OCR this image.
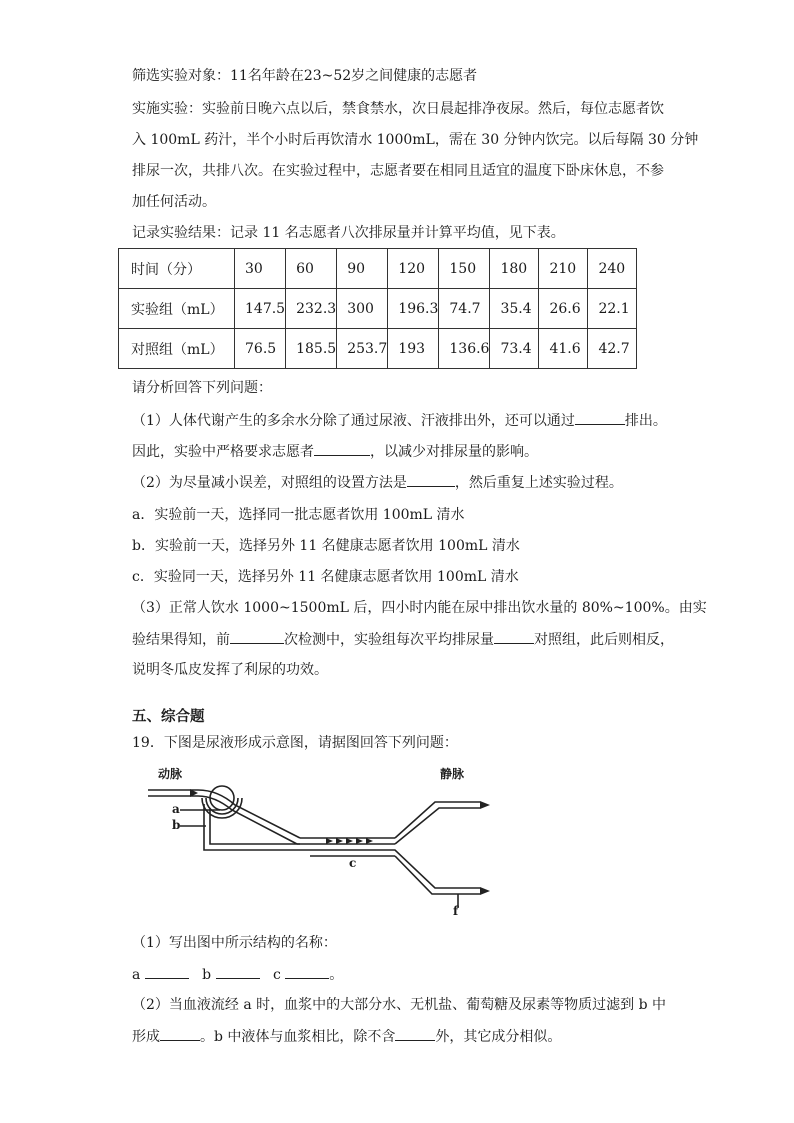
筛选实验对象：11名年龄在23~52岁之间健康的志愿者
实施实验：实验前日晚六点以后，禁食禁水，次日晨起排净夜尿。然后，每位志愿者饮
入 100mL 药汁，半个小时后再饮清水 1000mL，需在 30 分钟内饮完。以后每隔 30 分钟
排尿一次，共排八次。在实验过程中，志愿者要在相同且适宜的温度下卧床休息，不参
加任何活动。
记录实验结果：记录 11 名志愿者八次排尿量并计算平均值，见下表。
时间（分）	30	60	90	120	150	180	210	240
实验组（mL）	147.5	232.3	300	196.3	74.7	35.4	26.6	22.1
对照组（mL）	76.5	185.5	253.7	193	136.6	73.4	41.6	42.7
请分析回答下列问题：
（1）人体代谢产生的多余水分除了通过尿液、汗液排出外，还可以通过	排出。
因此，实验中严格要求志愿者	，以减少对排尿量的影响。
（2）为尽量减小误差，对照组的设置方法是	，然后重复上述实验过程。
a．实验前一天，选择同一批志愿者饮用 100mL 清水
b．实验前一天，选择另外 11 名健康志愿者饮用 100mL 清水
c．实验同一天，选择另外 11 名健康志愿者饮用 100mL 清水
（3）正常人饮水 1000~1500mL 后，四小时内能在尿中排出饮水量的 80%~100%。由实
验结果得知，前	次检测中，实验组每次平均排尿量	对照组，此后则相反，
说明冬瓜皮发挥了利尿的功效。
五、综合题
19．下图是尿液形成示意图，请据图回答下列问题：
动脉	静脉
a
b
c
f
（1）写出图中所示结构的名称：
a	b	c	。
（2）当血液流经 a 时，血浆中的大部分水、无机盐、葡萄糖及尿素等物质过滤到 b 中
形成	。b 中液体与血浆相比，除不含	外，其它成分相似。
